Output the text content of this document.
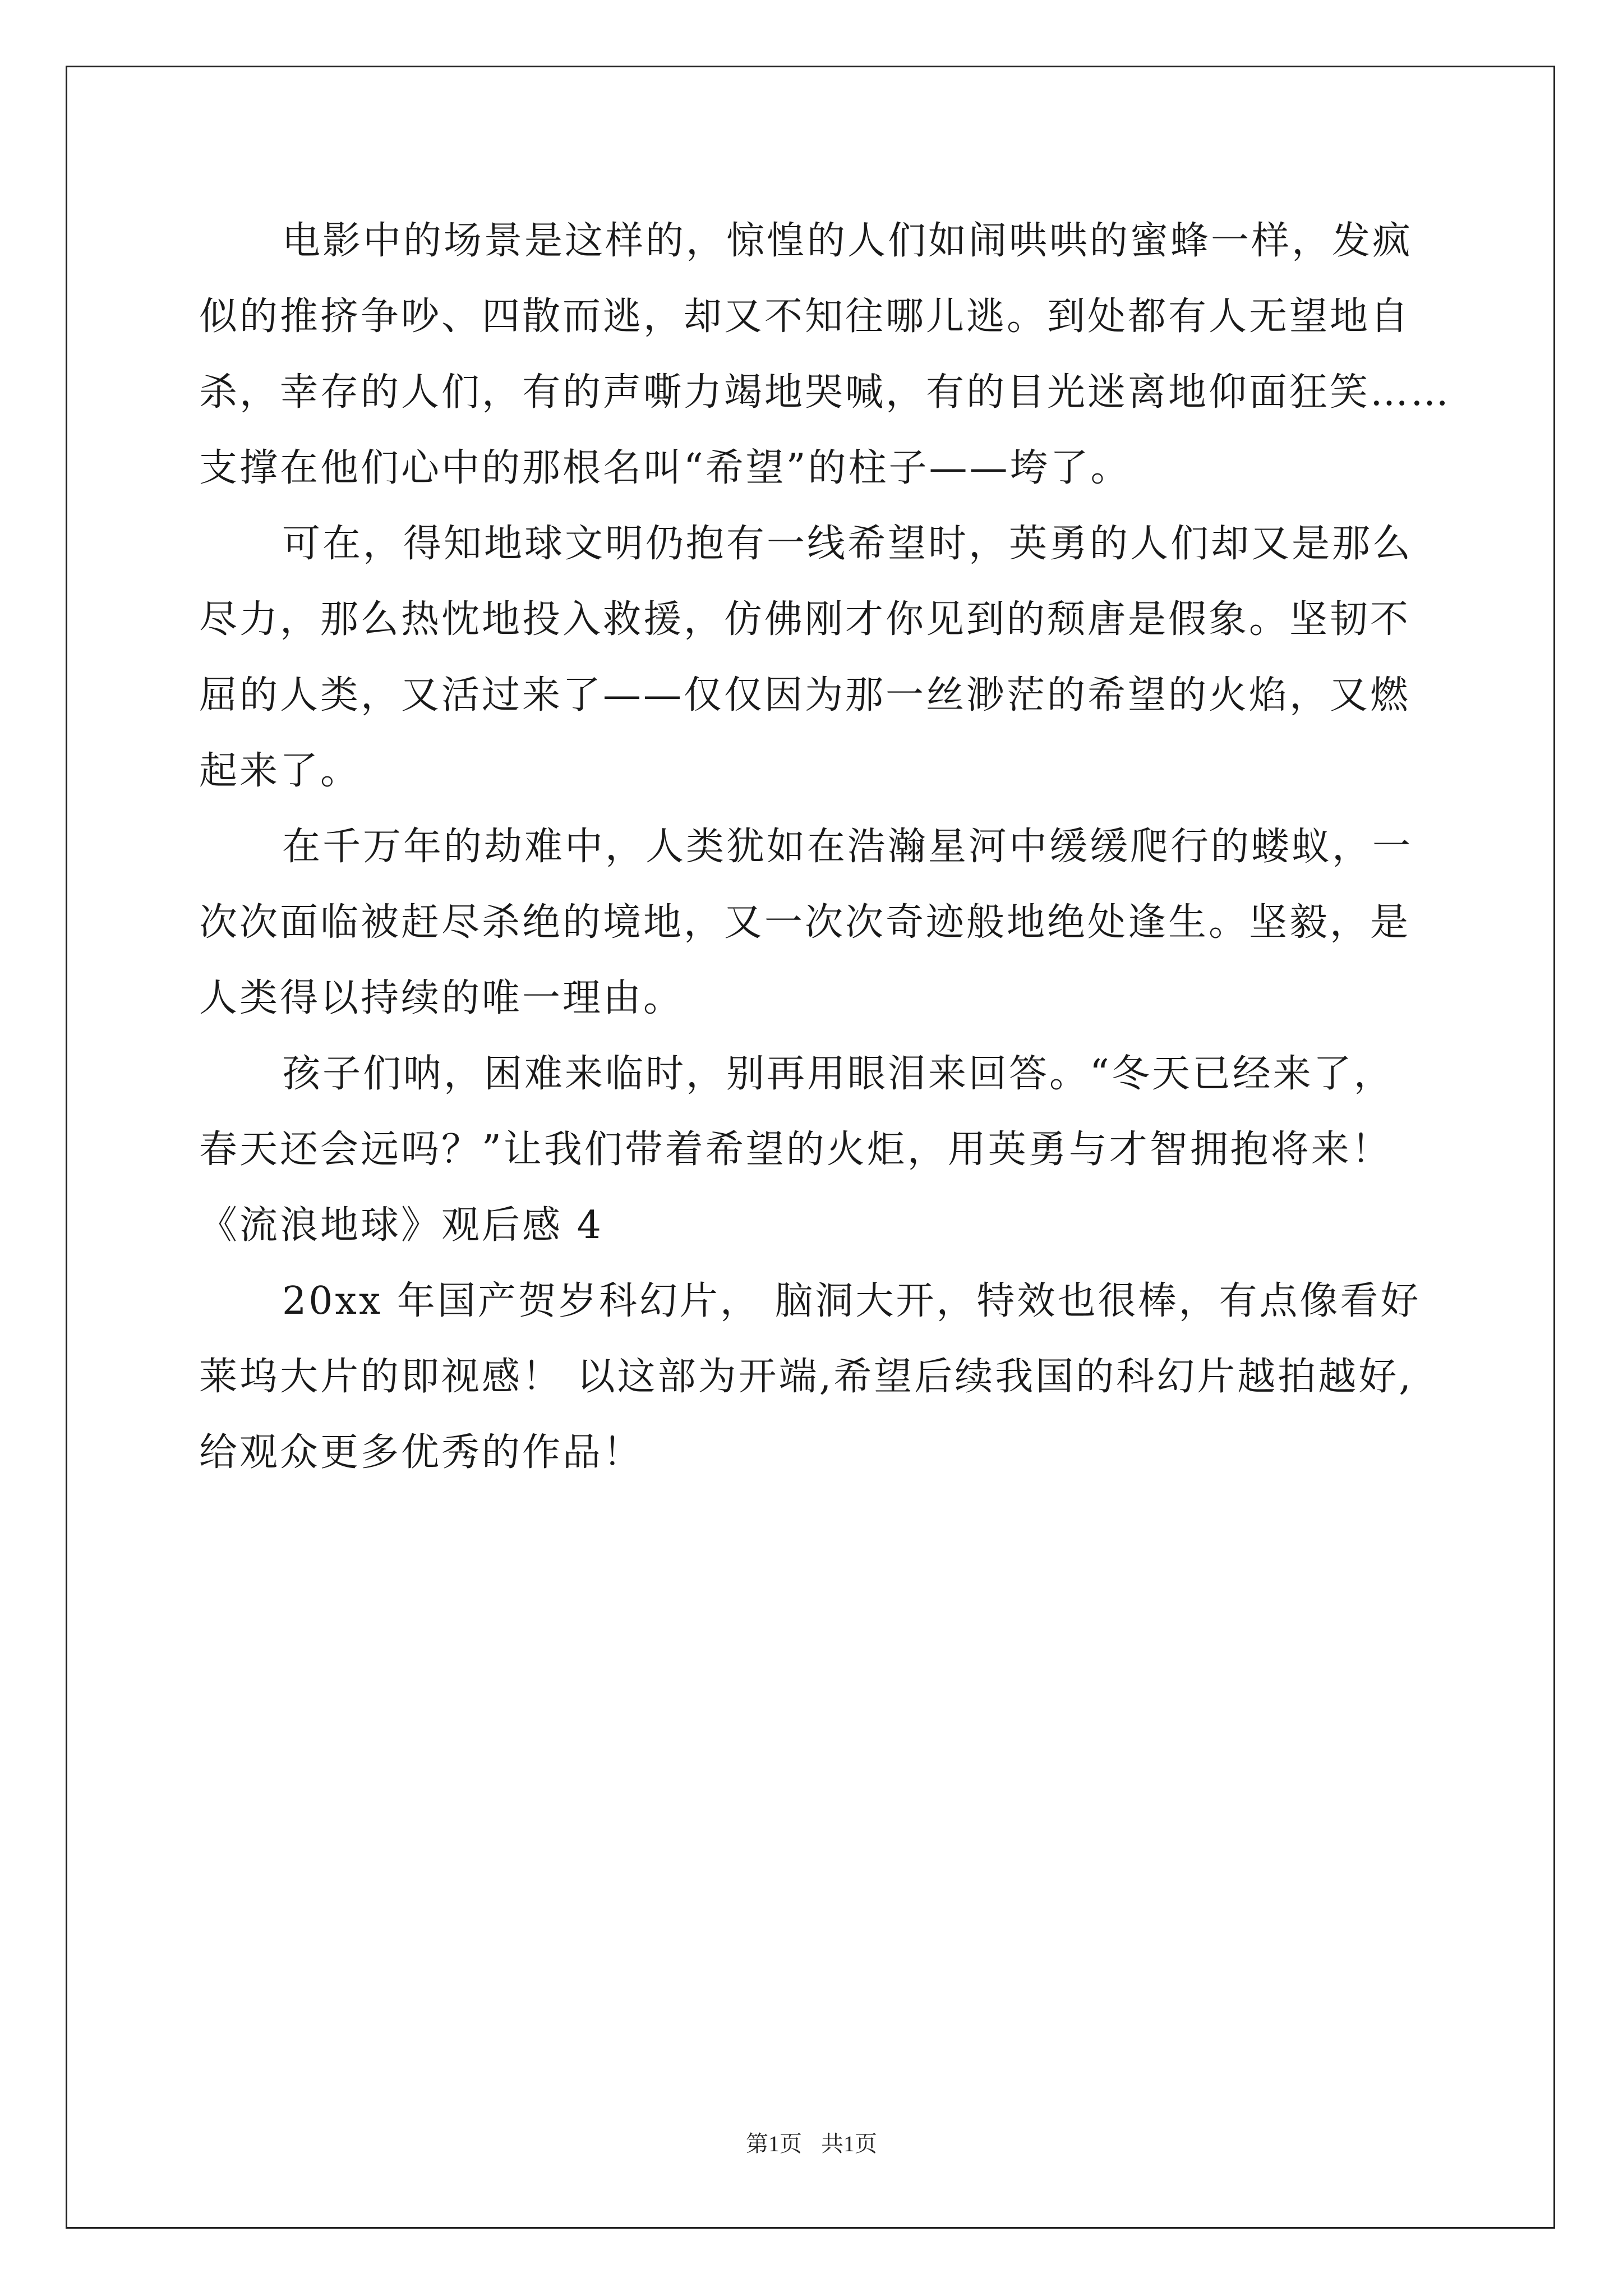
电影中的场景是这样的，惊惶的人们如闹哄哄的蜜蜂一样，发疯
似的推挤争吵、四散而逃，却又不知往哪儿逃。到处都有人无望地自
杀，幸存的人们，有的声嘶力竭地哭喊，有的目光迷离地仰面狂笑……
支撑在他们心中的那根名叫“希望”的柱子——垮了。
可在，得知地球文明仍抱有一线希望时，英勇的人们却又是那么
尽力，那么热忱地投入救援，仿佛刚才你见到的颓唐是假象。坚韧不
屈的人类，又活过来了——仅仅因为那一丝渺茫的希望的火焰，又燃
起来了。
在千万年的劫难中，人类犹如在浩瀚星河中缓缓爬行的蝼蚁，一
次次面临被赶尽杀绝的境地，又一次次奇迹般地绝处逢生。坚毅，是
人类得以持续的唯一理由。
孩子们呐，困难来临时，别再用眼泪来回答。“冬天已经来了，
春天还会远吗？”让我们带着希望的火炬，用英勇与才智拥抱将来！
《流浪地球》观后感 4
20xx 年国产贺岁科幻片， 脑洞大开，特效也很棒，有点像看好
莱坞大片的即视感！ 以这部为开端,希望后续我国的科幻片越拍越好,
给观众更多优秀的作品！
第1页 共1页
